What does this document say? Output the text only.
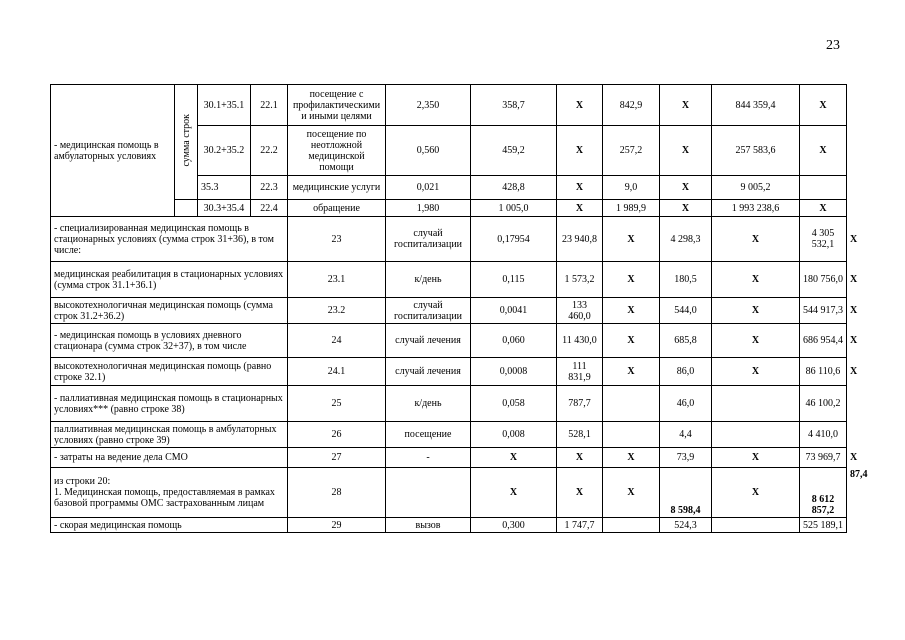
23
- медицинская помощь в амбулаторных условиях	сумма строк	30.1+35.1	22.1	посещение с профилактическими и иными целями	2,350	358,7	Х	842,9	Х	844 359,4	Х	
		30.2+35.2	22.2	посещение по неотложной медицинской помощи	0,560	459,2	Х	257,2	Х	257 583,6	Х	
		35.3	22.3	медицинские услуги	0,021	428,8	Х	9,0	Х	9 005,2		
		30.3+35.4	22.4	обращение	1,980	1 005,0	Х	1 989,9	Х	1 993 238,6	Х	
- специализированная медицинская помощь в стационарных условиях (сумма строк 31+36), в том числе:				23	случай госпитализации	0,17954	23 940,8	Х	4 298,3	Х	4 305 532,1	Х
медицинская реабилитация в стационарных условиях (сумма строк 31.1+36.1)				23.1	к/день	0,115	1 573,2	Х	180,5	Х	180 756,0	Х
высокотехнологичная медицинская помощь (сумма строк 31.2+36.2)				23.2	случай госпитализации	0,0041	133 460,0	Х	544,0	Х	544 917,3	Х
- медицинская помощь в условиях дневного стационара (сумма строк 32+37), в том числе				24	случай лечения	0,060	11 430,0	Х	685,8	Х	686 954,4	Х
высокотехнологичная медицинская помощь (равно строке 32.1)				24.1	случай лечения	0,0008	111 831,9	Х	86,0	Х	86 110,6	Х
- паллиативная медицинская помощь в стационарных условиях*** (равно строке 38)				25	к/день	0,058	787,7		46,0		46 100,2	
паллиативная медицинская помощь в амбулаторных условиях (равно строке 39)				26	посещение	0,008	528,1		4,4		4 410,0	
- затраты на ведение дела СМО				27	-	Х	Х	Х	73,9	Х	73 969,7	Х

из строки 20:
1. Медицинская помощь, предоставляемая в рамках базовой программы ОМС застрахованным лицам				28		Х	Х	Х	8 598,4	Х	8 612 857,2	87,4
- скорая медицинская помощь				29	вызов	0,300	1 747,7		524,3		525 189,1	
